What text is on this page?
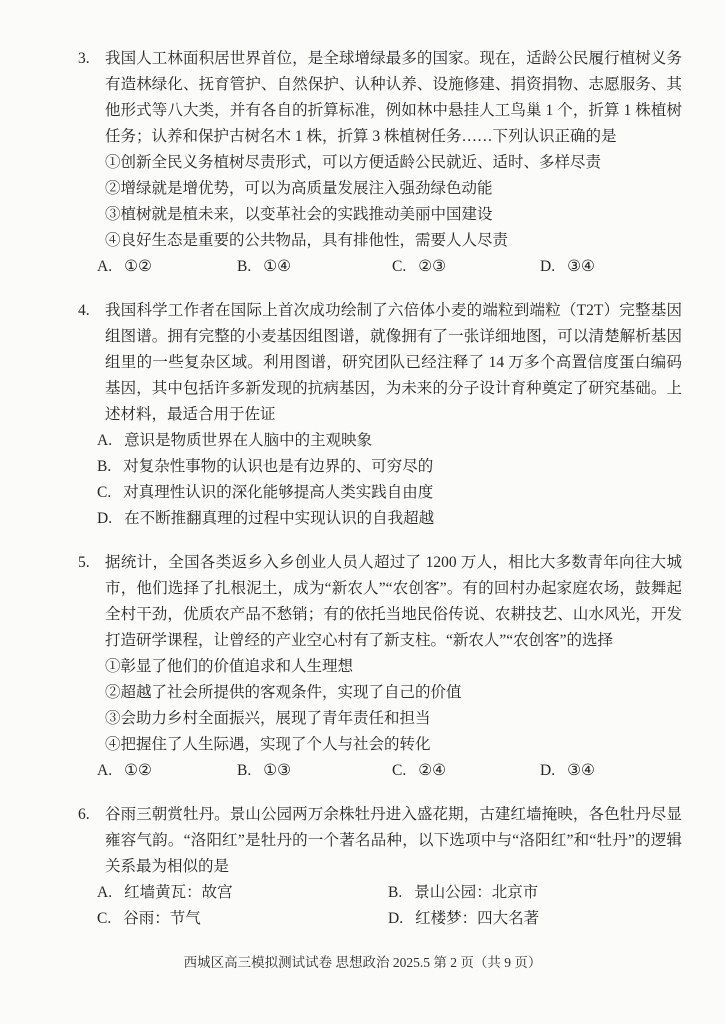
3. 我国人工林面积居世界首位，是全球增绿最多的国家。现在，适龄公民履行植树义务有造林绿化、抚育管护、自然保护、认种认养、设施修建、捐资捐物、志愿服务、其他形式等八大类，并有各自的折算标准，例如林中悬挂人工鸟巢 1 个，折算 1 株植树任务；认养和保护古树名木 1 株，折算 3 株植树任务……下列认识正确的是

①创新全民义务植树尽责形式，可以方便适龄公民就近、适时、多样尽责
②增绿就是增优势，可以为高质量发展注入强劲绿色动能
③植树就是植未来，以变革社会的实践推动美丽中国建设
④良好生态是重要的公共物品，具有排他性，需要人人尽责
A. ①②	B. ①④	C. ②③	D. ③④
4. 我国科学工作者在国际上首次成功绘制了六倍体小麦的端粒到端粒（T2T）完整基因组图谱。拥有完整的小麦基因组图谱，就像拥有了一张详细地图，可以清楚解析基因组里的一些复杂区域。利用图谱，研究团队已经注释了 14 万多个高置信度蛋白编码基因，其中包括许多新发现的抗病基因，为未来的分子设计育种奠定了研究基础。上述材料，最适合用于佐证

A. 意识是物质世界在人脑中的主观映象
B. 对复杂性事物的认识也是有边界的、可穷尽的
C. 对真理性认识的深化能够提高人类实践自由度
D. 在不断推翻真理的过程中实现认识的自我超越
5. 据统计，全国各类返乡入乡创业人员人超过了 1200 万人，相比大多数青年向往大城市，他们选择了扎根泥土，成为“新农人”“农创客”。有的回村办起家庭农场，鼓舞起全村干劲，优质农产品不愁销；有的依托当地民俗传说、农耕技艺、山水风光，开发打造研学课程，让曾经的产业空心村有了新支柱。“新农人”“农创客”的选择

①彰显了他们的价值追求和人生理想
②超越了社会所提供的客观条件，实现了自己的价值
③会助力乡村全面振兴，展现了青年责任和担当
④把握住了人生际遇，实现了个人与社会的转化
A. ①②	B. ①③	C. ②④	D. ③④
6. 谷雨三朝赏牡丹。景山公园两万余株牡丹进入盛花期，古建红墙掩映，各色牡丹尽显雍容气韵。“洛阳红”是牡丹的一个著名品种，以下选项中与“洛阳红”和“牡丹”的逻辑关系最为相似的是

A. 红墙黄瓦：故宫	B. 景山公园：北京市
C. 谷雨：节气	D. 红楼梦：四大名著
西城区高三模拟测试试卷 思想政治 2025.5 第 2 页（共 9 页）
